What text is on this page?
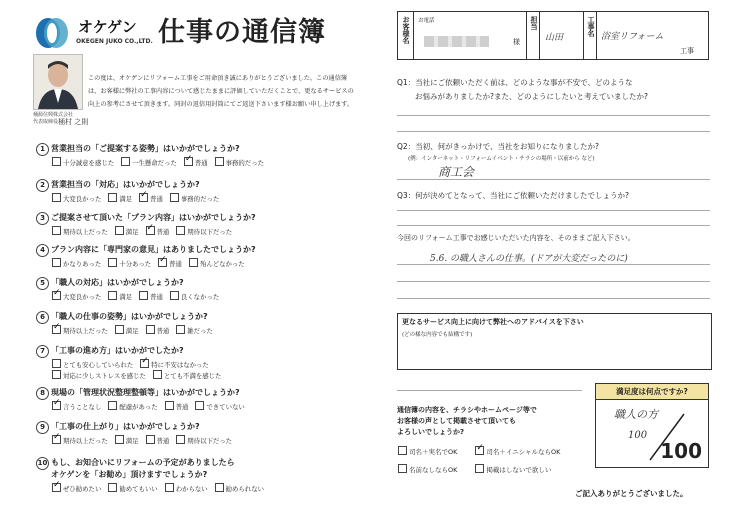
オケゲン
OKEGEN JUKO CO.,LTD. 仕事の通信簿
桶源住興株式会社
代表取締役 桶村 之則
この度は、オケゲンにリフォーム工事をご用命頂き誠にありがとうございました。この通信簿は、お客様に弊社の工事内容について感じたままに評価していただくことで、更なるサービスの向上の参考にさせて頂きます。同封の返信用封筒にてご返送下さいます様お願い申し上げます。
1 営業担当の「ご提案する姿勢」はいかがでしょうか?
十分誠意を感じた	一生懸命だった ✓	普通	事務的だった
2 営業担当の「対応」はいかがでしょうか?
大変良かった	満足 ✓	普通	事務的だった
3 ご提案させて頂いた「プラン内容」はいかがでしょうか?
期待以上だった	満足 ✓	普通	期待以下だった
4 プラン内容に「専門家の意見」はありましたでしょうか?
かなりあった	十分あった ✓	普通	殆んどなかった
5 「職人の対応」はいかがでしょうか?
✓大変良かった	満足	普通	良くなかった
6 「職人の仕事の姿勢」はいかがでしょうか?
✓期待以上だった	満足	普通	雑だった
7 「工事の進め方」はいかがでしたか?
とても安心していられた ✓	特に不安はなかった
対応に少しストレスを感じた	とても不満を感じた
8 現場の「管理状況整理整頓等」はいかがでしょうか?
✓言うことなし	配慮があった	普通	できていない
9 「工事の仕上がり」はいかがでしょうか?
✓期待以上だった	満足	普通	期待以下だった
10 もし、お知合いにリフォームの予定がありましたら
オケゲンを「お勧め」頂けますでしょうか?
✓ぜひ勧めたい	勧めてもいい	わからない	勧められない
お客様名 お電話
様
担当
山田
工事名 浴室リフォーム
工事
Q1：当社にご依頼いただく前は、どのような事が不安で、どのような
お悩みがありましたか?また、どのようにしたいと考えていましたか?
Q2：当初、何がきっかけで、当社をお知りになりましたか?
(例：インターネット・リフォームイベント・チラシの場所・以前から など)
商工会
Q3：何が決めてとなって、当社にご依頼いただけましたでしょうか?
今回のリフォーム工事でお感じいただいた内容を、そのままご記入下さい。
5.6. の職人さんの仕事。(ドアが大変だったのに)
更なるサービス向上に向けて弊社へのアドバイスを下さい
(どの様な内容でも結構です)
満足度は何点ですか?
職人の方
100
100
通信簿の内容を、チラシやホームページ等で
お客様の声として掲載させて頂いても
よろしいでしょうか?
司名＋実名でOK ✓	司名＋イニシャルならOK
名前なしならOK	掲載はしないで欲しい
ご記入ありがとうございました。
